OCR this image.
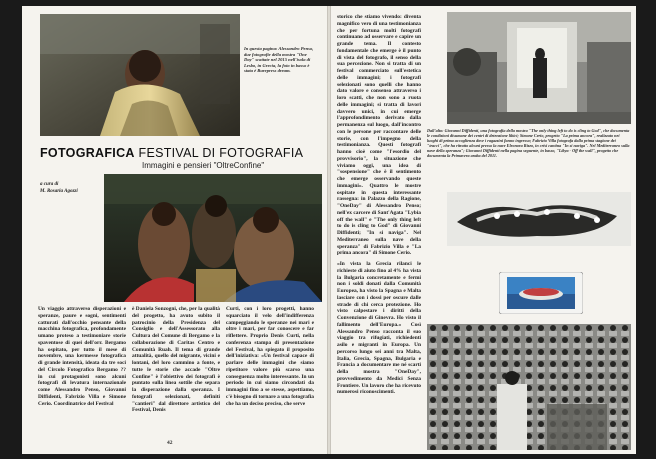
In questa pagina: Alessandro Penso, due fotografie della mostra "One Day" scattate nel 2015 nell'isola di Lesbo, in Grecia, la foto in basso è stata é Burepress dream.
FOTOGRAFICA FESTIVAL DI FOTOGRAFIA
Immagini e pensieri "OltreConfine"
a cura di
M. Rosaria Agozzi
Un viaggio attraverso disperazioni e speranze, paure e sogni, sentimenti catturati dall'occhio pensante della macchina fotografica, profondamente umano proteso a testimoniare storie spaventose di quei dell'orr. Bergamo ha ospitato, per tutto il mese di novembre, una kermesse fotografica di grande intensità, ideata da tre soci del Circolo Fotografico Bergamo ?? in cui protagonisti sono alcuni fotografi di levatura internazionale come Alessandro Penso, Giovanni Diffidenti, Fabrizio Villa e Simone Cerio. Coordinatrice del Festival
è Daniela Sonzogni, che, per la qualità del progetto, ha avuto subito il patrocinio della Presidenza del Consiglio e dell'Assessorato alla Cultura del Comune di Bergamo e la collaborazione di Caritas Centro e Comunità Ruah. Il tema di grande attualità, quello del migrante, vicini e lontani, del loro cammino a fonte, e tutte le storie che accade "Oltre Confine" è l'obiettivo dei fotografi è puntato sulla linea sottile che separa la disperazione dalla speranza. I fotografi selezionati, definiti "cantieri" dal direttore artistico del Festival, Denis
Curti, con i loro progetti, hanno squarciato il velo dell'indifferenza campeggiando le speranze nei mari e oltre i mari, per far conoscere e far riflettere. Proprio Denis Curti, nella conferenza stampa di presentazione del Festival, ha spiegato il proposito dell'iniziativa: «Un festival capace di parlare delle immagini che siamo ripetitore valore più scarso una conseguenza molto interessante. In un periodo in cui siamo circondati da immagini fino a se stesse, aspettiamo, c'è bisogno di tornare a una fotografia che ha un deciso preciso, che serve
42

storico che stiamo vivendo: diventa magnifico vero di una testimonianza che per fortuna molti fotografi continuano ad osservare e capire un grande tema. Il contesto fondamentale che emerge è il punto di vista del fotografo, il senso della sua percezione. Non si tratta di un festival commerciato sull'estetica delle immagini; i fotografi selezionati sono quelli che hanno dato valore e consenso attraverso i loro scatti, che non sono a ruota delle immagini; si tratta di lavori davvero unici, in cui emerge l'approfondimento derivato dalla permanenza sul luogo, dall'incontro con le persone per raccontare delle storie, con l'impegno della testimonianza. Questi fotografi hanno cioè come "l'esordio del provvisorio", la situazione che viviamo oggi, una idea di "sospensione" che è il sentimento che emerge osservando queste immagini». Quattro le mostre ospitate in questa interessante rassegna: in Palazzo della Ragione, "OneDay" di Alessandro Penso; nell'ex carcere di Sant'Agata "Lybia off the wall" e "The only thing left to do is cling to God" di Giovanni Diffidenti; "In si naviga". Nel Mediterraneo sulla nave della speranza" di Fabrizio Villa e "La prima ancora" di Simone Cerio.

«In vista la Grecia rilanci le richieste di aiuto fino al 4% ha vista la Bulgaria concretamente e fermi non i soldi donati dalla Comunità Europea, ha visto la Spagna e Malta lasciare con i dossi per oscure dalle strade di chi cerca protezione. Ho visto calpestare i diritti della Convenzione di Ginevra. Ho visto il fallimento dell'Europa.» Così Alessandro Penso racconta il suo viaggio tra rifugiati, richiedenti asilo e migranti in Europa. Un percorso lungo sei anni tra Malta, Italia, Grecia, Spagna, Bulgaria e Francia a documentare me né scarti della mostra "OneDay", provvedimento da Medici Senza Frontiere. Un lavoro che ha ricevuto numerosi riconoscimenti.

Dall'alto: Giovanni Diffidenti, una fotografia della mostra "The only thing left to do is cling to God", che documenta le condizioni disumane dei centri di detenzione libici; Simone Cerio, progetto "La prima ancora", realizzato nei luoghi di prima accoglienza dove i ragazzini fanno ingresso; Fabrizio Villa fotografa dalla prima stagione dei "tracci", che ha ritratto alcuni presso la nave Eleonora Rizzo, in crisi cantina "In si naviga". Nel Mediterraneo sulla nave della speranza"; Giovanni Diffidenti nella pagina seguente, in basso, "Libya - Off the wall", progetto che documenta la Primavera araba del 2011.
